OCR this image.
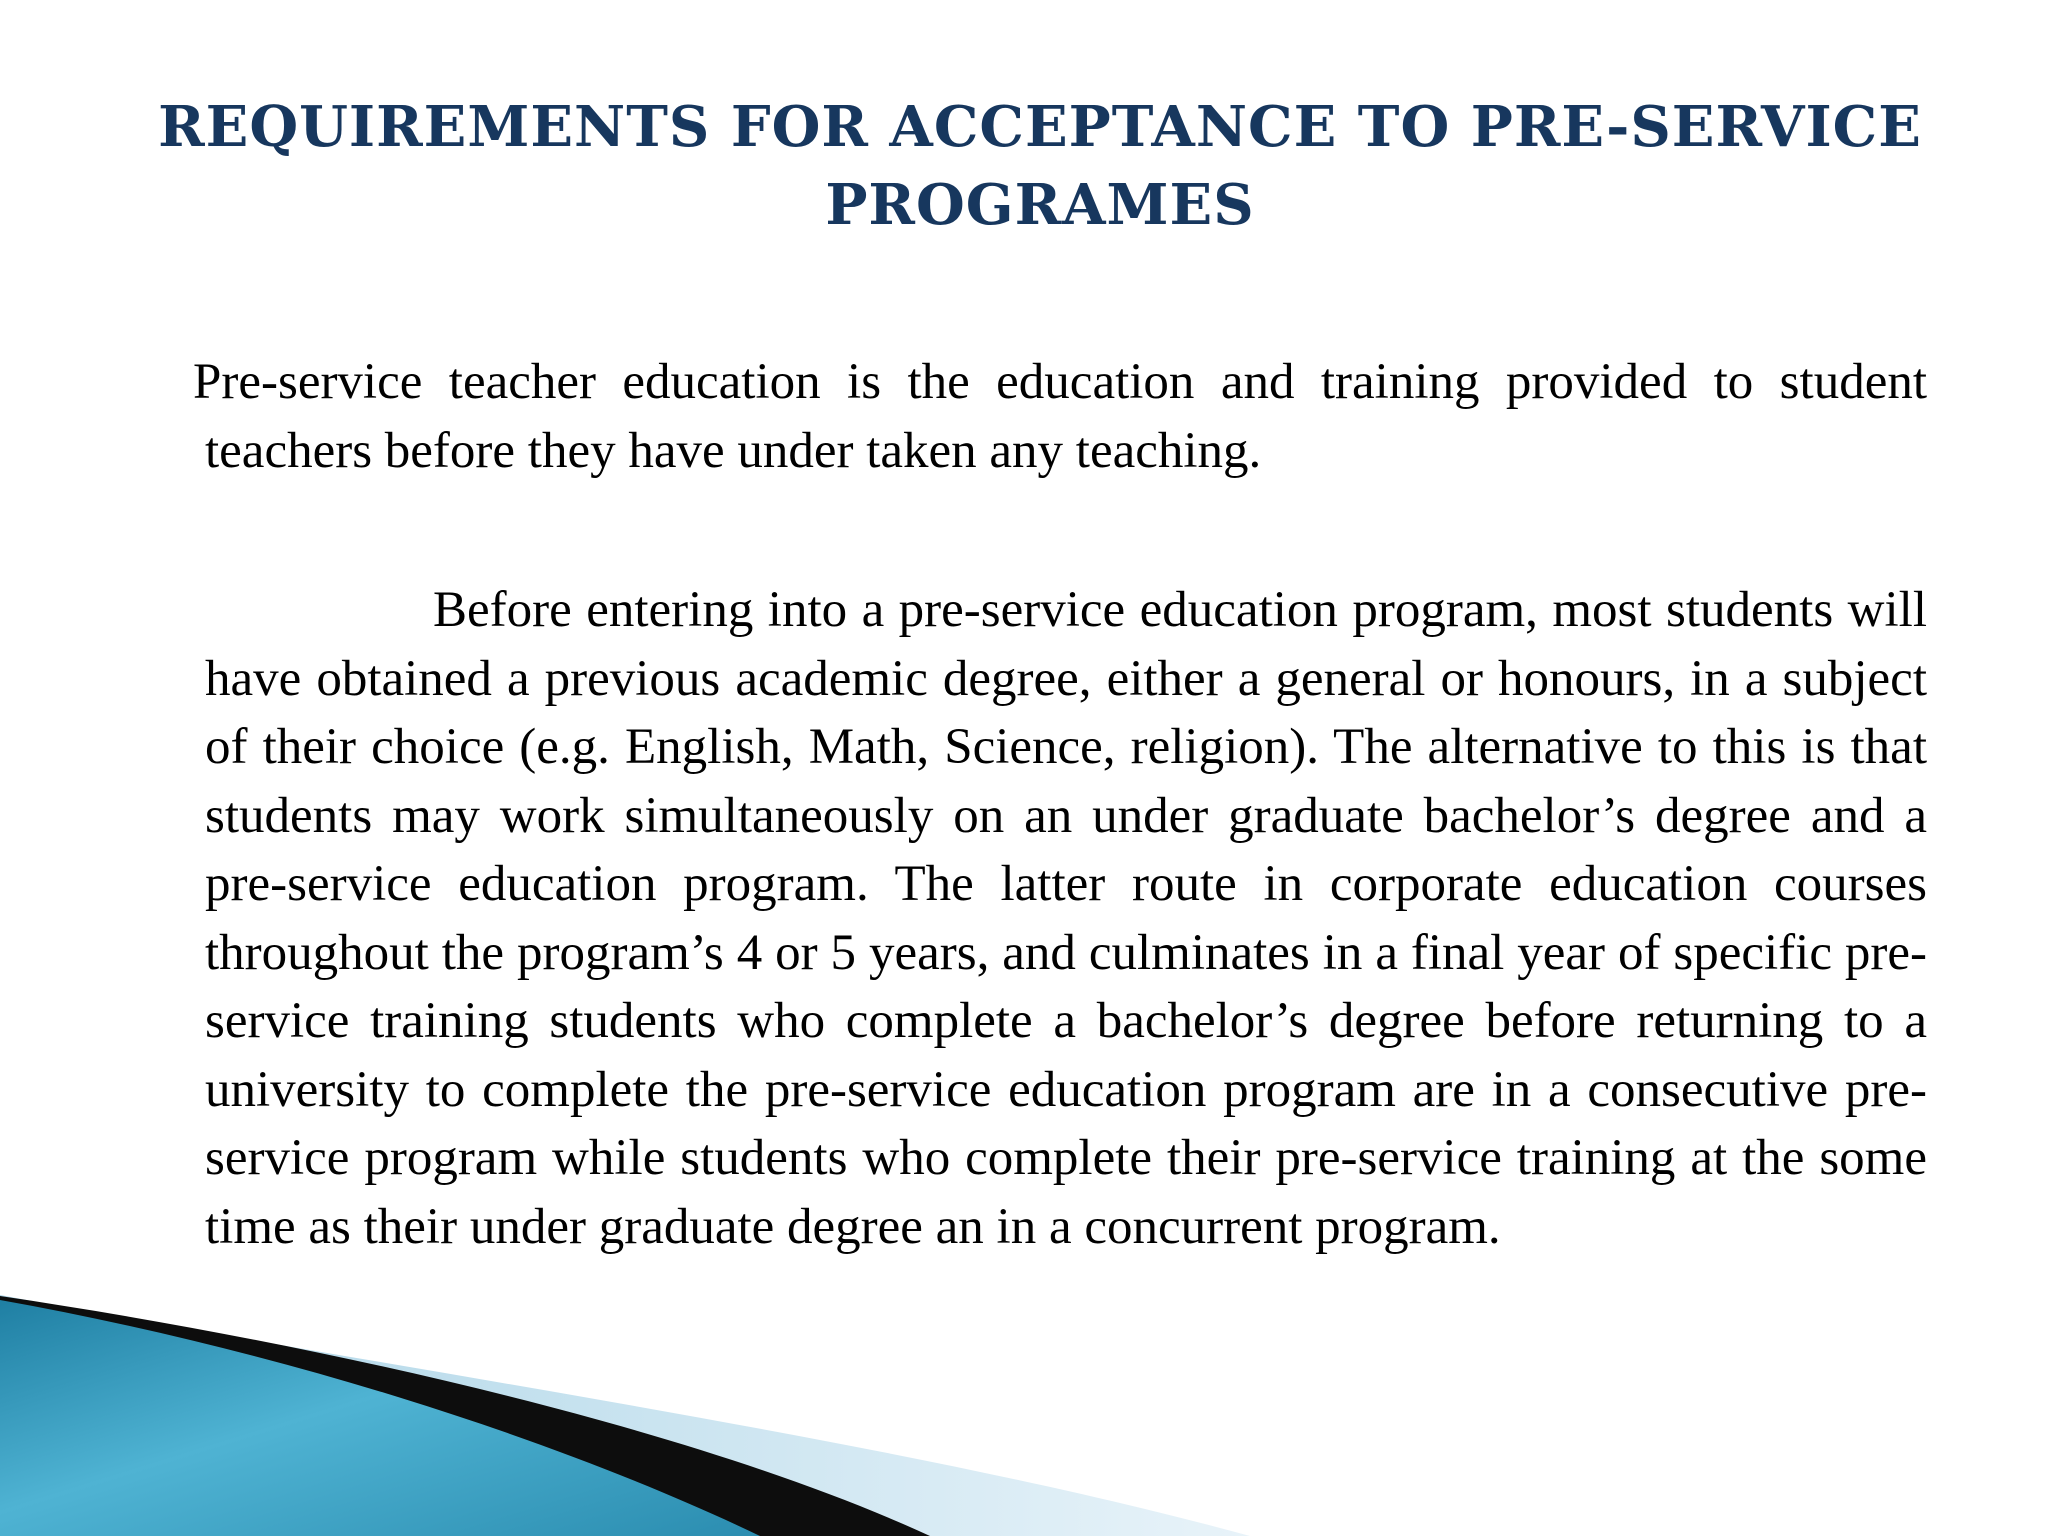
REQUIREMENTS FOR ACCEPTANCE TO PRE-SERVICE PROGRAMES

Pre-service teacher education is the education and training provided to student teachers before they have under taken any teaching.

Before entering into a pre-service education program, most students will have obtained a previous academic degree, either a general or honours, in a subject of their choice (e.g. English, Math, Science, religion). The alternative to this is that students may work simultaneously on an under graduate bachelor’s degree and a pre-service education program. The latter route in corporate education courses throughout the program’s 4 or 5 years, and culminates in a final year of specific pre-service training students who complete a bachelor’s degree before returning to a university to complete the pre-service education program are in a consecutive pre-service program while students who complete their pre-service training at the some time as their under graduate degree an in a concurrent program.
